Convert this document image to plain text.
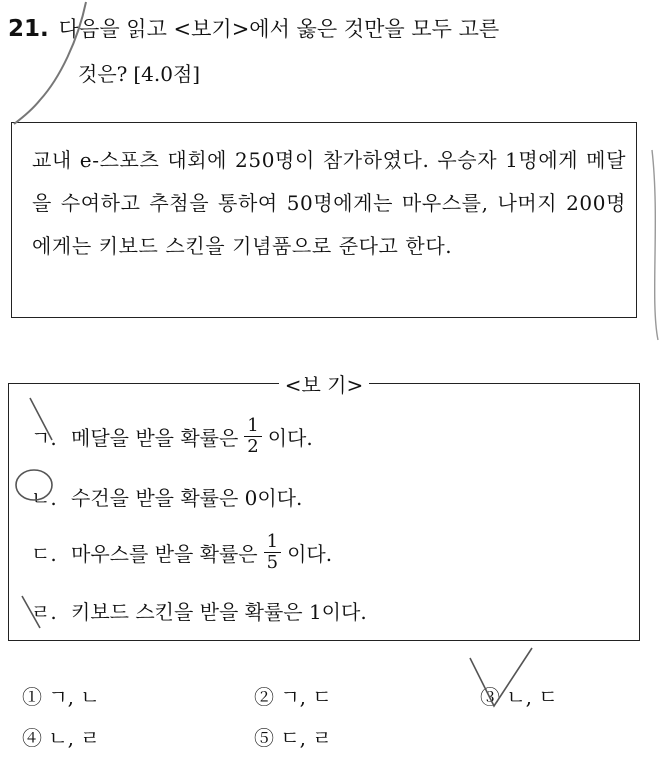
21. 다음을 읽고 <보기>에서 옳은 것만을 모두 고른
것은? [4.0점]
교내 e-스포츠 대회에 250명이 참가하였다. 우승자 1명에게 메달을 수여하고 추첨을 통하여 50명에게는 마우스를, 나머지 200명에게는 키보드 스킨을 기념품으로 준다고 한다.
<보 기>
ㄱ. 메달을 받을 확률은 $\frac{1}{2}$ 이다.
ㄴ. 수건을 받을 확률은 0이다.
ㄷ. 마우스를 받을 확률은 $\frac{1}{5}$ 이다.
ㄹ. 키보드 스킨을 받을 확률은 1이다.
① ㄱ, ㄴ	② ㄱ, ㄷ	③ ㄴ, ㄷ
④ ㄴ, ㄹ	⑤ ㄷ, ㄹ
